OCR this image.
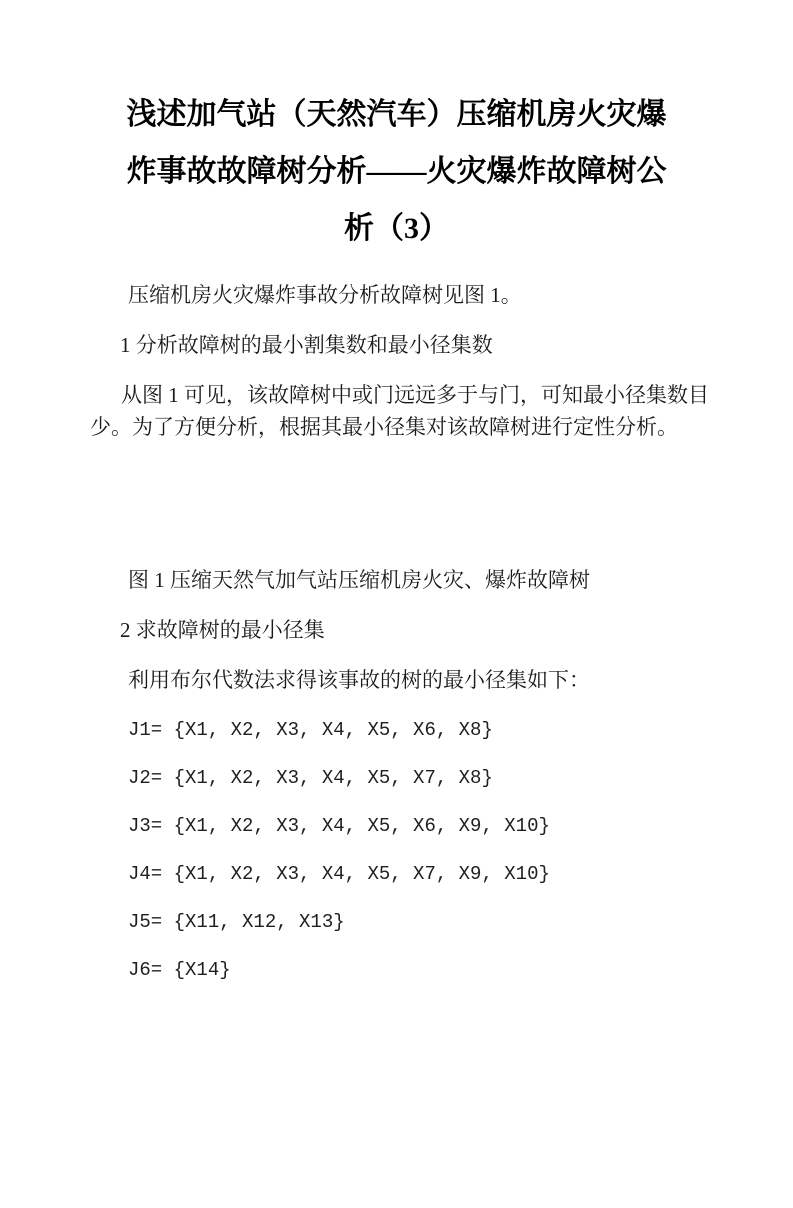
浅述加气站（天然汽车）压缩机房火灾爆
炸事故故障树分析——火灾爆炸故障树公
析（3）
压缩机房火灾爆炸事故分析故障树见图 1。
1 分析故障树的最小割集数和最小径集数
从图 1 可见，该故障树中或门远远多于与门，可知最小径集数目
少。为了方便分析，根据其最小径集对该故障树进行定性分析。
图 1 压缩天然气加气站压缩机房火灾、爆炸故障树
2 求故障树的最小径集
利用布尔代数法求得该事故的树的最小径集如下：
J1= {X1, X2, X3, X4, X5, X6, X8}
J2= {X1, X2, X3, X4, X5, X7, X8}
J3= {X1, X2, X3, X4, X5, X6, X9, X10}
J4= {X1, X2, X3, X4, X5, X7, X9, X10}
J5= {X11, X12, X13}
J6= {X14}
